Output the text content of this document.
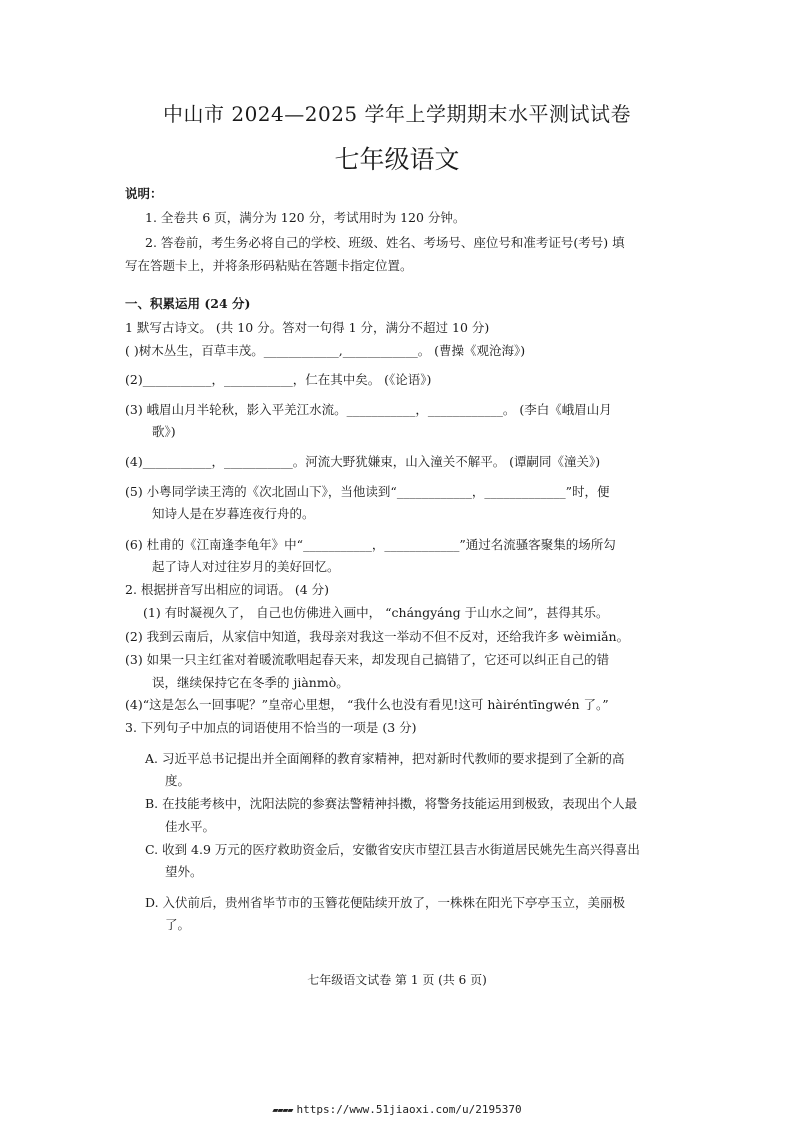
中山市 2024—2025 学年上学期期末水平测试试卷
七年级语文
说明：
1. 全卷共 6 页，满分为 120 分，考试用时为 120 分钟。
2. 答卷前，考生务必将自己的学校、班级、姓名、考场号、座位号和准考证号(考号) 填
写在答题卡上，并将条形码粘贴在答题卡指定位置。
一、积累运用 (24 分)
1 默写古诗文。 (共 10 分。答对一句得 1 分，满分不超过 10 分)
( )树木丛生，百草丰茂。____________,____________。 (曹操《观沧海》)
(2)___________，___________，仁在其中矣。 (《论语》)
(3) 峨眉山月半轮秋，影入平羌江水流。___________，____________。 (李白《峨眉山月
歌》)
(4)___________，___________。河流大野犹嫌束，山入潼关不解平。 (谭嗣同《潼关》)
(5) 小粤同学读王湾的《次北固山下》，当他读到“____________，_____________”时，便
知诗人是在岁暮连夜行舟的。
(6) 杜甫的《江南逢李龟年》中“___________，____________”通过名流骚客聚集的场所勾
起了诗人对过往岁月的美好回忆。
2. 根据拼音写出相应的词语。 (4 分)
(1) 有时凝视久了， 自己也仿佛进入画中， “chángyáng 于山水之间”，甚得其乐。
(2) 我到云南后，从家信中知道，我母亲对我这一举动不但不反对，还给我许多 wèimiǎn。
(3) 如果一只主红雀对着暖流歌唱起春天来，却发现自己搞错了，它还可以纠正自己的错
误，继续保持它在冬季的 jiànmò。
(4)“这是怎么一回事呢？”皇帝心里想， “我什么也没有看见!这可 hàiréntīngwén 了。”
3. 下列句子中加点的词语使用不恰当的一项是 (3 分)
A. 习近平总书记提出并全面阐释的教育家精神，把对新时代教师的要求提到了全新的高
度。
B. 在技能考核中，沈阳法院的参赛法警精神抖擞，将警务技能运用到极致，表现出个人最
佳水平。
C. 收到 4.9 万元的医疗救助资金后，安徽省安庆市望江县吉水街道居民姚先生高兴得喜出
望外。
D. 入伏前后，贵州省毕节市的玉簪花便陆续开放了，一株株在阳光下亭亭玉立，美丽极
了。
七年级语文试卷 第 1 页 (共 6 页)
▰▰▰▰ https://www.51jiaoxi.com/u/2195370
